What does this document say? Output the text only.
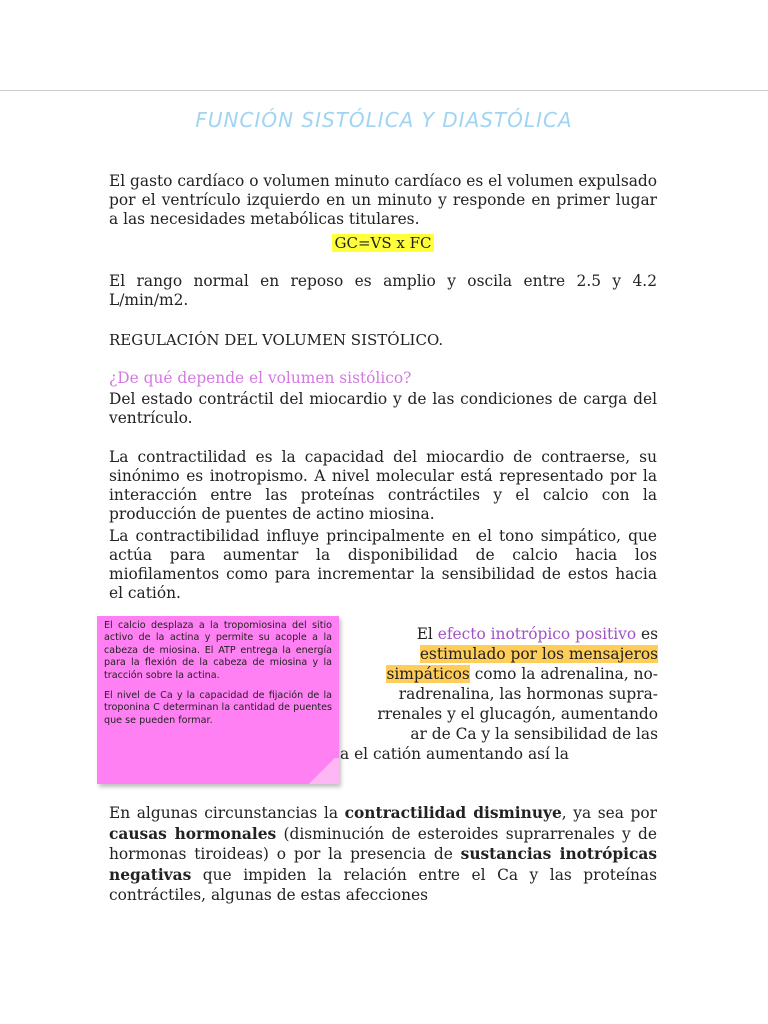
FUNCIÓN SISTÓLICA Y DIASTÓLICA
El gasto cardíaco o volumen minuto cardíaco es el volumen expulsado por el ventrículo izquierdo en un minuto y responde en primer lugar a las necesidades metabólicas titulares.
GC=VS x FC
El rango normal en reposo es amplio y oscila entre 2.5 y 4.2 L/min/m2.
REGULACIÓN DEL VOLUMEN SISTÓLICO.
¿De qué depende el volumen sistólico?
Del estado contráctil del miocardio y de las condiciones de carga del ventrículo.
La contractilidad es la capacidad del miocardio de contraerse, su sinónimo es inotropismo. A nivel molecular está representado por la interacción entre las proteínas contráctiles y el calcio con la producción de puentes de actino miosina.
La contractibilidad influye principalmente en el tono simpático, que actúa para aumentar la disponibilidad de calcio hacia los miofilamentos como para incrementar la sensibilidad de estos hacia el catión.

El calcio desplaza a la tropomiosina del sitio activo de la actina y permite su acople a la cabeza de miosina. El ATP entrega la energía para la flexión de la cabeza de miosina y la tracción sobre la actina.

El nivel de Ca y la capacidad de fijación de la troponina C determinan la cantidad de puentes que se pueden formar.

El efecto inotrópico positivo es
estimulado por los mensajeros
simpáticos como la adrenalina, no-
radrenalina, las hormonas supra-
rrenales y el glucagón, aumentando
ar de Ca y la sensibilidad de las
a el catión aumentando así la
En algunas circunstancias la contractilidad disminuye, ya sea por causas hormonales (disminución de esteroides suprarrenales y de hormonas tiroideas) o por la presencia de sustancias inotrópicas negativas que impiden la relación entre el Ca y las proteínas contráctiles, algunas de estas afecciones
